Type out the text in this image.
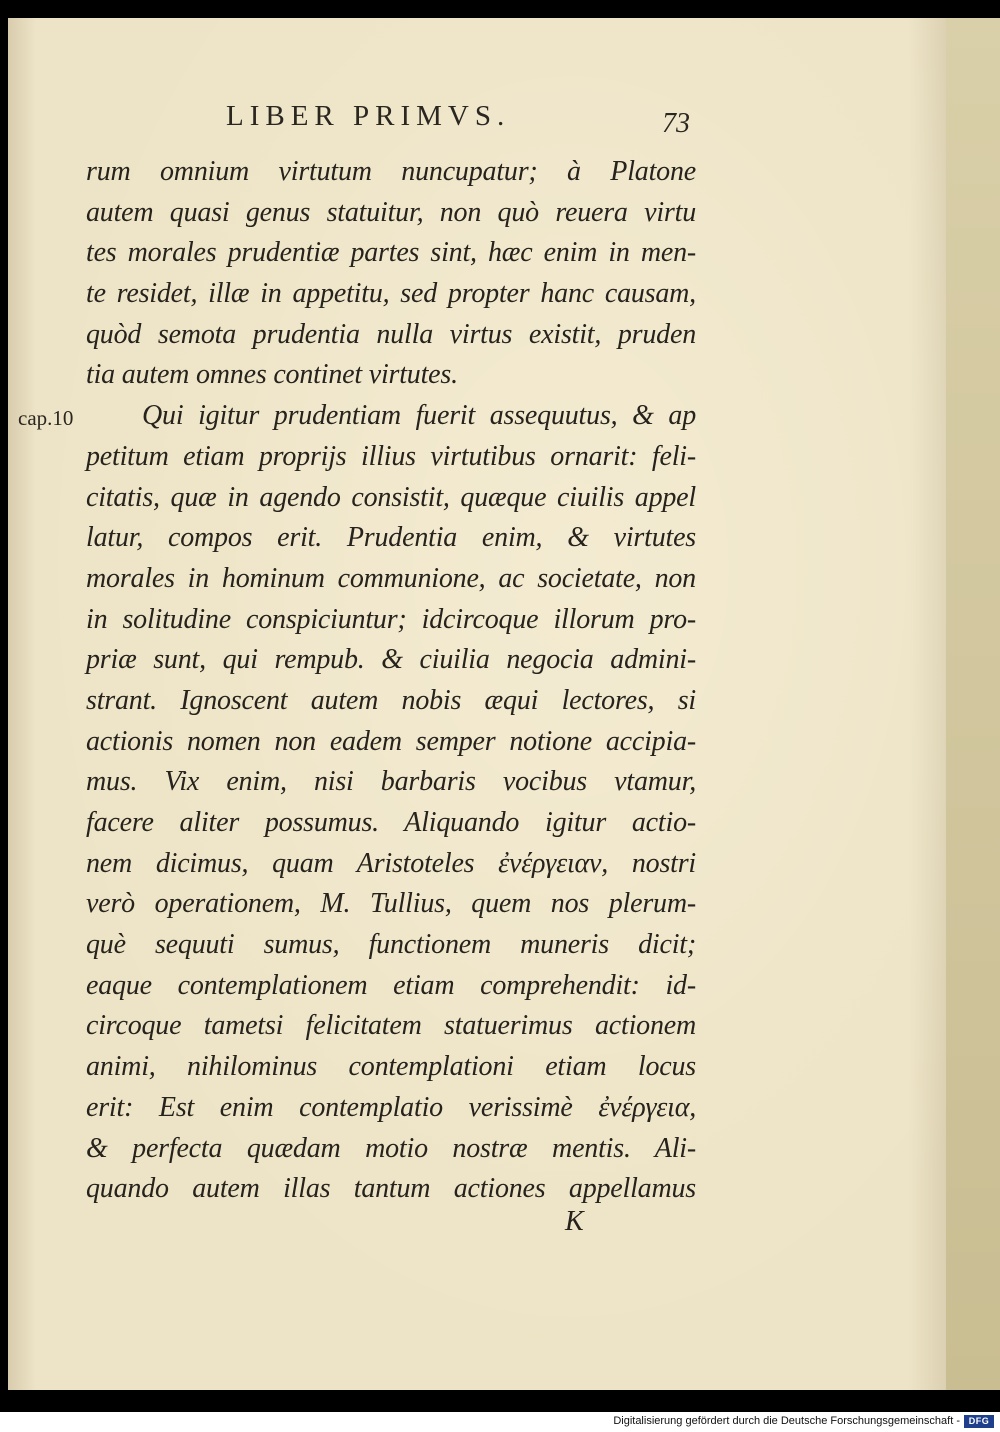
LIBER PRIMVS.	73
cap.10
rum omnium virtutum nuncupatur; à Platone
autem quasi genus statuitur, non quò reuera virtu
tes morales prudentiæ partes sint, hæc enim in men-
te residet, illæ in appetitu, sed propter hanc causam,
quòd semota prudentia nulla virtus existit, pruden
tia autem omnes continet virtutes.
Qui igitur prudentiam fuerit assequutus, & ap
petitum etiam proprijs illius virtutibus ornarit: feli-
citatis, quæ in agendo consistit, quæque ciuilis appel
latur, compos erit. Prudentia enim, & virtutes
morales in hominum communione, ac societate, non
in solitudine conspiciuntur; idcircoque illorum pro-
priæ sunt, qui rempub. & ciuilia negocia admini-
strant. Ignoscent autem nobis æqui lectores, si
actionis nomen non eadem semper notione accipia-
mus. Vix enim, nisi barbaris vocibus vtamur,
facere aliter possumus. Aliquando igitur actio-
nem dicimus, quam Aristoteles ἐνέργειαν, nostri
verò operationem, M. Tullius, quem nos plerum-
què sequuti sumus, functionem muneris dicit;
eaque contemplationem etiam comprehendit: id-
circoque tametsi felicitatem statuerimus actionem
animi, nihilominus contemplationi etiam locus
erit: Est enim contemplatio verissimè ἐνέργεια,
& perfecta quædam motio nostræ mentis. Ali-
quando autem illas tantum actiones appellamus
K
Digitalisierung gefördert durch die Deutsche Forschungsgemeinschaft - DFG
